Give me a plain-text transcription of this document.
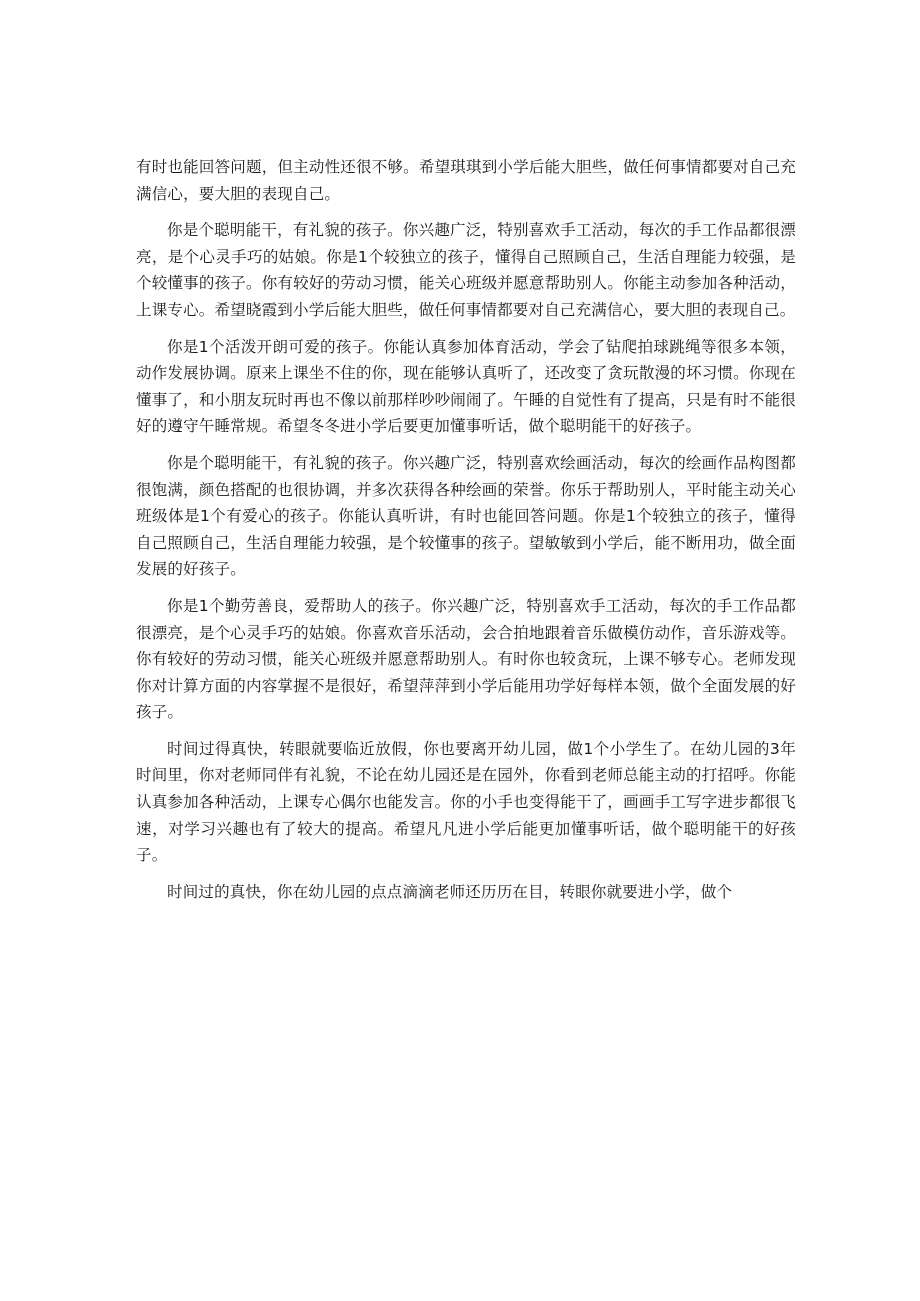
有时也能回答问题，但主动性还很不够。希望琪琪到小学后能大胆些，做任何事情都要对自己充满信心，要大胆的表现自己。

你是个聪明能干，有礼貌的孩子。你兴趣广泛，特别喜欢手工活动，每次的手工作品都很漂亮，是个心灵手巧的姑娘。你是1个较独立的孩子，懂得自己照顾自己，生活自理能力较强，是个较懂事的孩子。你有较好的劳动习惯，能关心班级并愿意帮助别人。你能主动参加各种活动，上课专心。希望晓霞到小学后能大胆些，做任何事情都要对自己充满信心，要大胆的表现自己。

你是1个活泼开朗可爱的孩子。你能认真参加体育活动，学会了钻爬拍球跳绳等很多本领，动作发展协调。原来上课坐不住的你，现在能够认真听了，还改变了贪玩散漫的坏习惯。你现在懂事了，和小朋友玩时再也不像以前那样吵吵闹闹了。午睡的自觉性有了提高，只是有时不能很好的遵守午睡常规。希望冬冬进小学后要更加懂事听话，做个聪明能干的好孩子。

你是个聪明能干，有礼貌的孩子。你兴趣广泛，特别喜欢绘画活动，每次的绘画作品构图都很饱满，颜色搭配的也很协调，并多次获得各种绘画的荣誉。你乐于帮助别人，平时能主动关心班级体是1个有爱心的孩子。你能认真听讲，有时也能回答问题。你是1个较独立的孩子，懂得自己照顾自己，生活自理能力较强，是个较懂事的孩子。望敏敏到小学后，能不断用功，做全面发展的好孩子。

你是1个勤劳善良，爱帮助人的孩子。你兴趣广泛，特别喜欢手工活动，每次的手工作品都很漂亮，是个心灵手巧的姑娘。你喜欢音乐活动，会合拍地跟着音乐做模仿动作，音乐游戏等。你有较好的劳动习惯，能关心班级并愿意帮助别人。有时你也较贪玩，上课不够专心。老师发现你对计算方面的内容掌握不是很好，希望萍萍到小学后能用功学好每样本领，做个全面发展的好孩子。

时间过得真快，转眼就要临近放假，你也要离开幼儿园，做1个小学生了。在幼儿园的3年时间里，你对老师同伴有礼貌，不论在幼儿园还是在园外，你看到老师总能主动的打招呼。你能认真参加各种活动，上课专心偶尔也能发言。你的小手也变得能干了，画画手工写字进步都很飞速，对学习兴趣也有了较大的提高。希望凡凡进小学后能更加懂事听话，做个聪明能干的好孩子。

时间过的真快，你在幼儿园的点点滴滴老师还历历在目，转眼你就要进小学，做个
